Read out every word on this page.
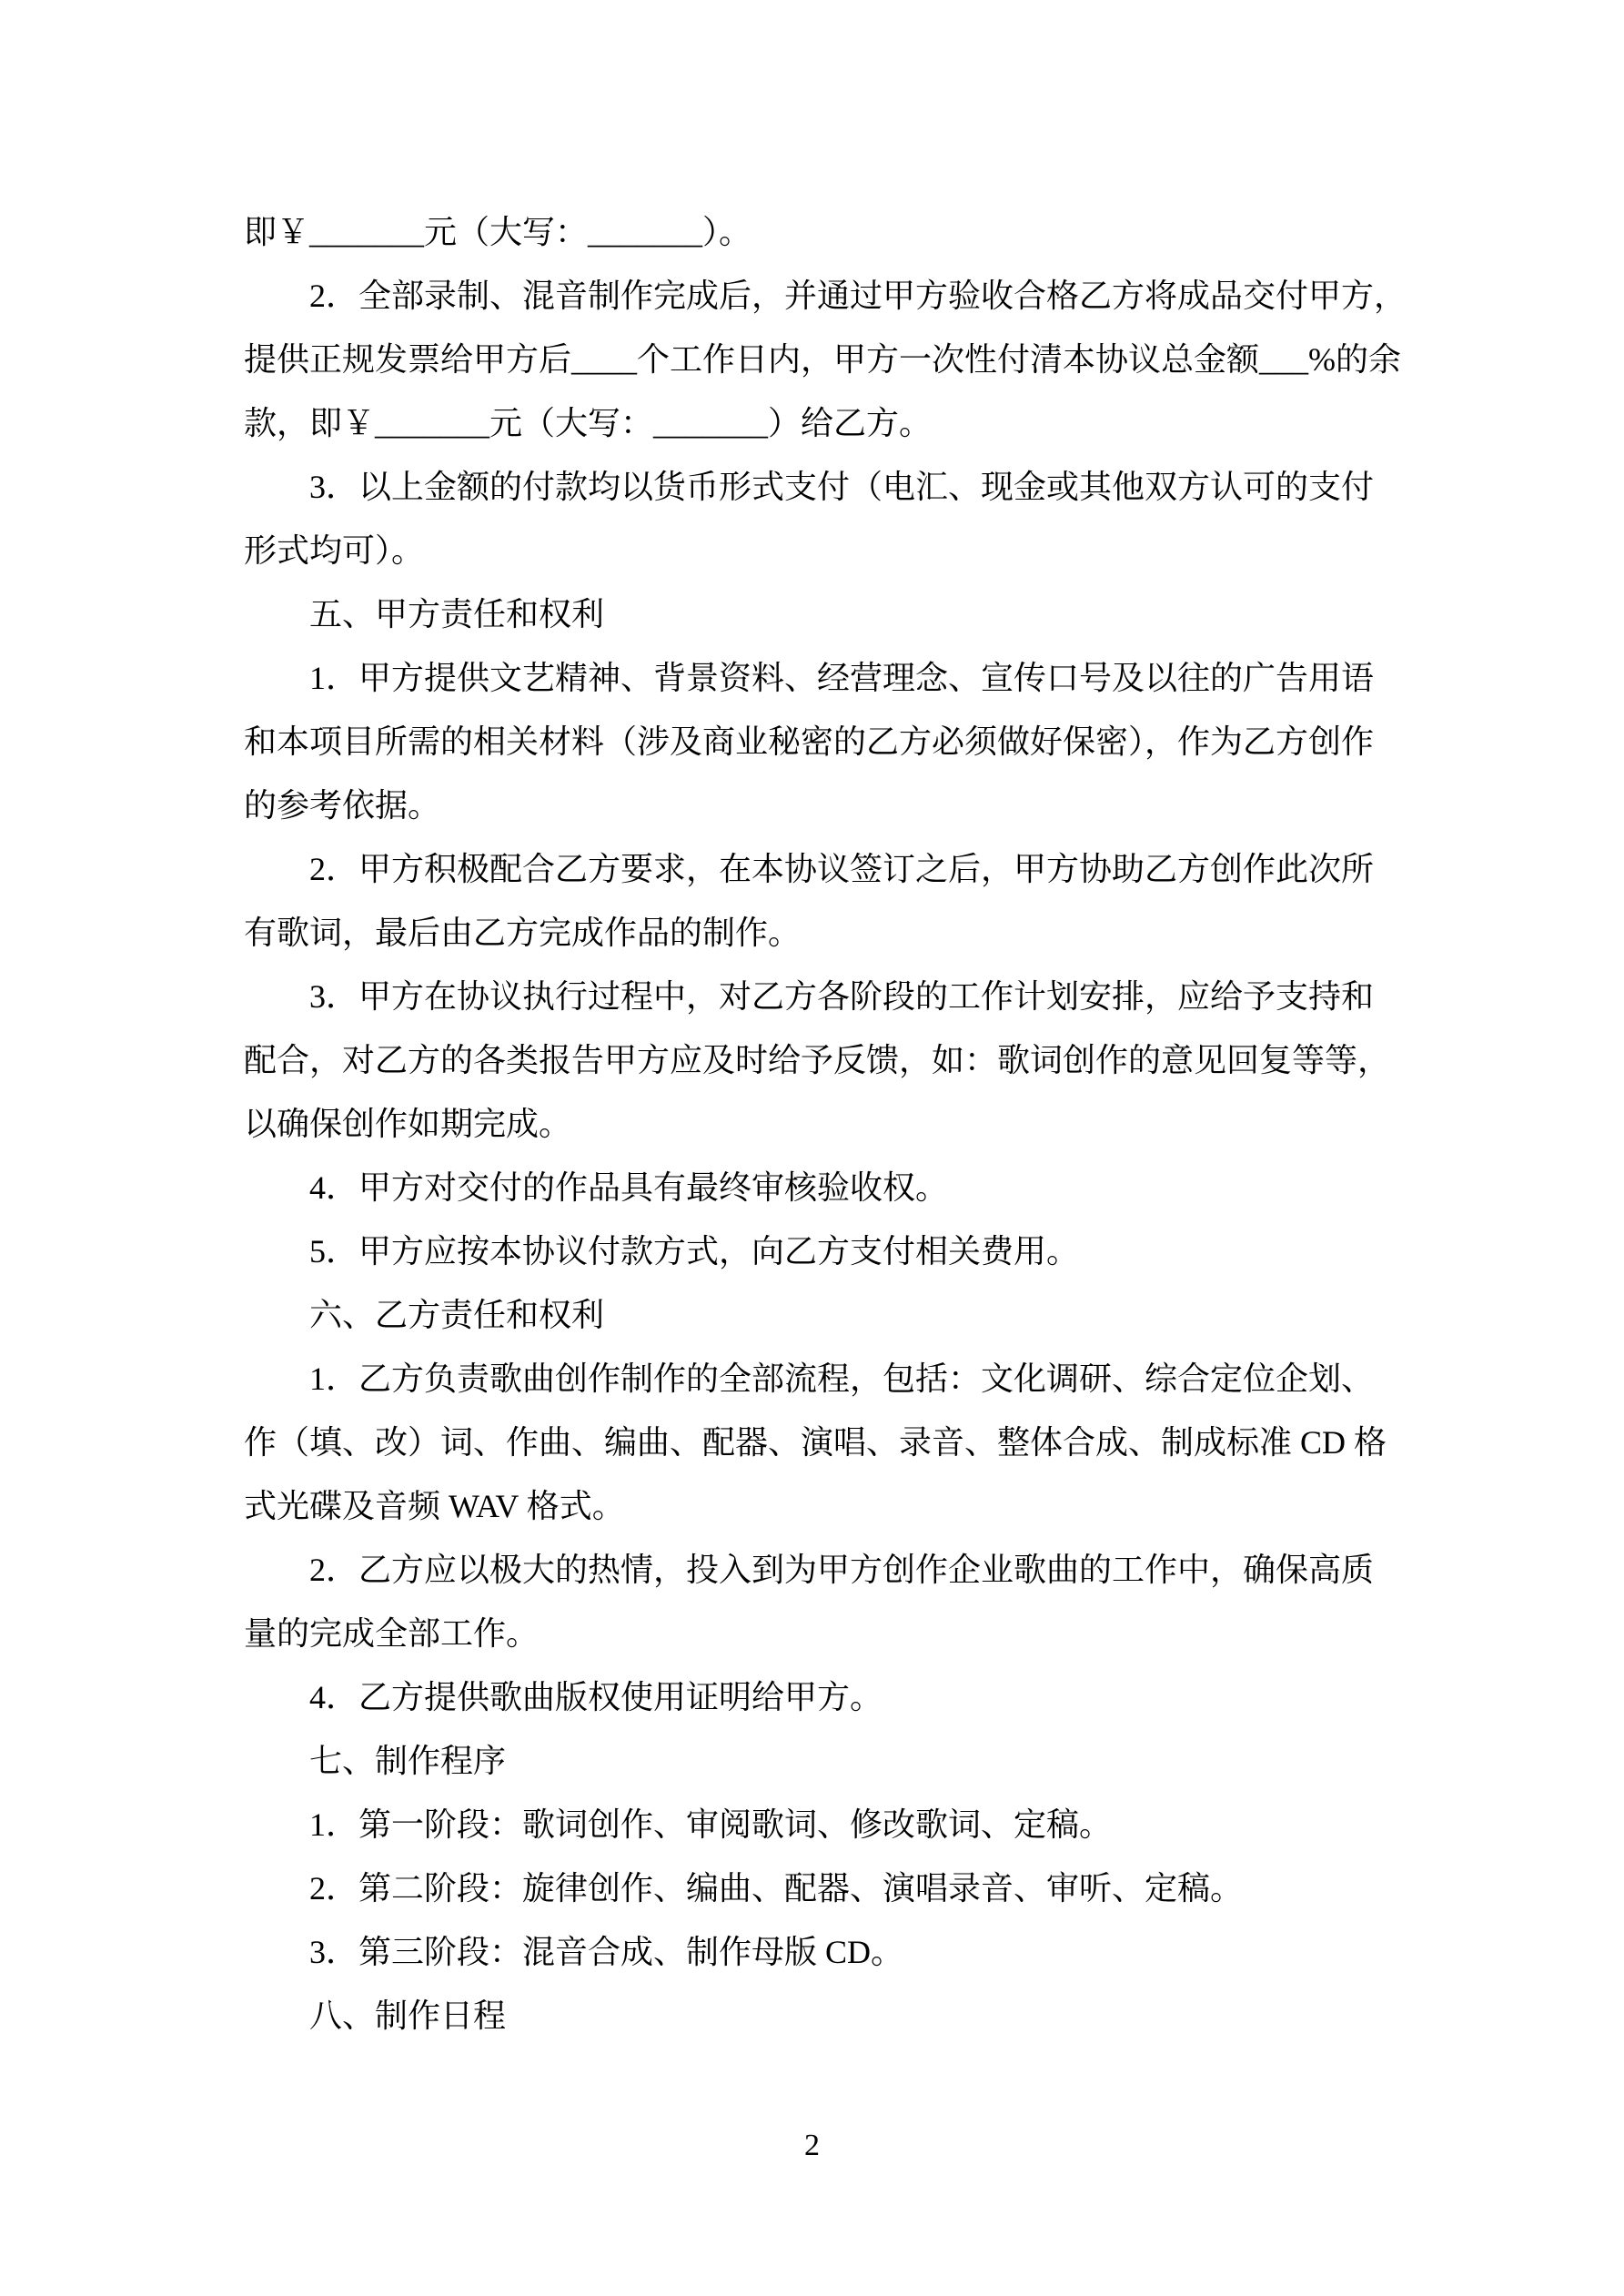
即￥_______元（大写：_______）。

2．全部录制、混音制作完成后，并通过甲方验收合格乙方将成品交付甲方，

提供正规发票给甲方后____个工作日内，甲方一次性付清本协议总金额___%的余

款，即￥_______元（大写：_______）给乙方。

3．以上金额的付款均以货币形式支付（电汇、现金或其他双方认可的支付

形式均可）。

五、甲方责任和权利

1．甲方提供文艺精神、背景资料、经营理念、宣传口号及以往的广告用语

和本项目所需的相关材料（涉及商业秘密的乙方必须做好保密），作为乙方创作

的参考依据。

2．甲方积极配合乙方要求，在本协议签订之后，甲方协助乙方创作此次所

有歌词，最后由乙方完成作品的制作。

3．甲方在协议执行过程中，对乙方各阶段的工作计划安排，应给予支持和

配合，对乙方的各类报告甲方应及时给予反馈，如：歌词创作的意见回复等等，

以确保创作如期完成。

4．甲方对交付的作品具有最终审核验收权。

5．甲方应按本协议付款方式，向乙方支付相关费用。

六、乙方责任和权利

1．乙方负责歌曲创作制作的全部流程，包括：文化调研、综合定位企划、

作（填、改）词、作曲、编曲、配器、演唱、录音、整体合成、制成标准 CD 格

式光碟及音频 WAV 格式。

2．乙方应以极大的热情，投入到为甲方创作企业歌曲的工作中，确保高质

量的完成全部工作。

4．乙方提供歌曲版权使用证明给甲方。

七、制作程序

1．第一阶段：歌词创作、审阅歌词、修改歌词、定稿。

2．第二阶段：旋律创作、编曲、配器、演唱录音、审听、定稿。

3．第三阶段：混音合成、制作母版 CD。

八、制作日程

2
